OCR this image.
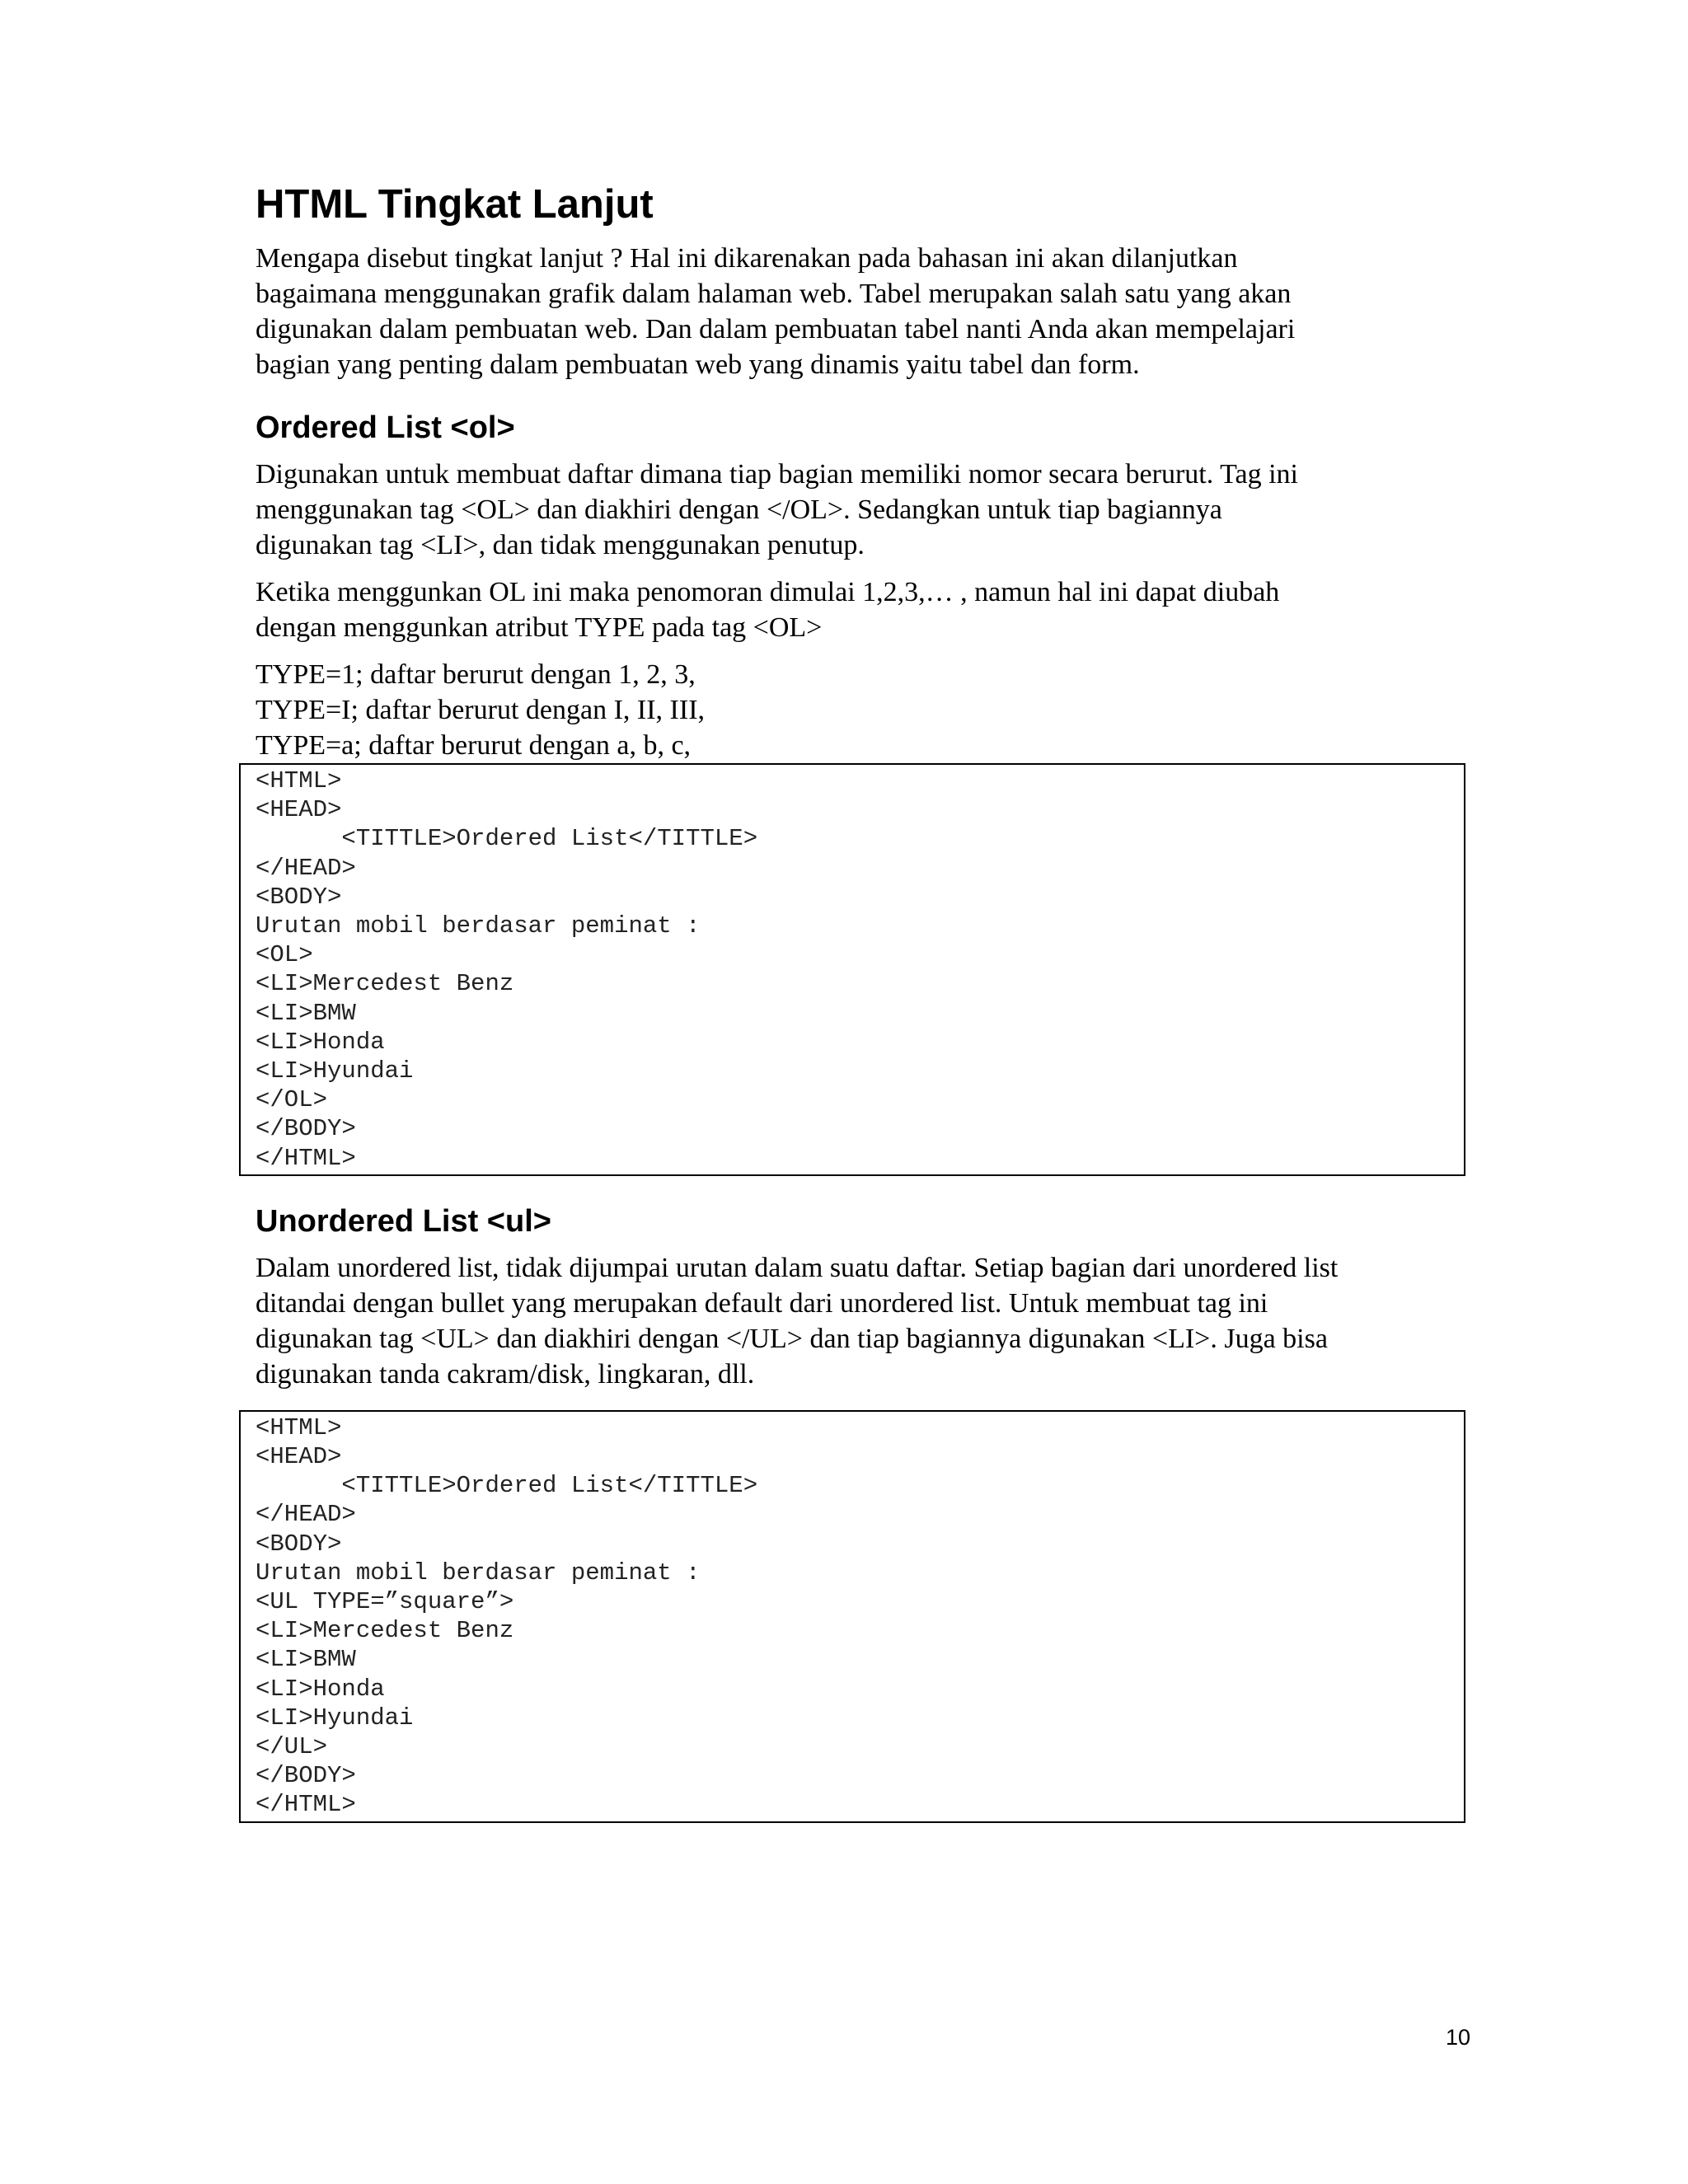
HTML Tingkat Lanjut

Mengapa disebut tingkat lanjut ? Hal ini dikarenakan pada bahasan ini akan dilanjutkan
bagaimana menggunakan grafik dalam halaman web. Tabel merupakan salah satu yang akan
digunakan dalam pembuatan web. Dan dalam pembuatan tabel nanti Anda akan mempelajari
bagian yang penting dalam pembuatan web yang dinamis yaitu tabel dan form.

Ordered List <ol>

Digunakan untuk membuat daftar dimana tiap bagian memiliki nomor secara berurut. Tag ini
menggunakan tag <OL> dan diakhiri dengan </OL>. Sedangkan untuk tiap bagiannya
digunakan tag <LI>, dan tidak menggunakan penutup.

Ketika menggunkan OL ini maka penomoran dimulai 1,2,3,… , namun hal ini dapat diubah
dengan menggunkan atribut TYPE pada tag <OL>

TYPE=1; daftar berurut dengan 1, 2, 3,

TYPE=I; daftar berurut dengan I, II, III,

TYPE=a; daftar berurut dengan a, b, c,

<HTML>
<HEAD>
<TITTLE>Ordered List</TITTLE>
</HEAD>
<BODY>
Urutan mobil berdasar peminat :
<OL>
<LI>Mercedest Benz
<LI>BMW
<LI>Honda
<LI>Hyundai
</OL>
</BODY>
</HTML>
Unordered List <ul>

Dalam unordered list, tidak dijumpai urutan dalam suatu daftar. Setiap bagian dari unordered list
ditandai dengan bullet yang merupakan default dari unordered list. Untuk membuat tag ini
digunakan tag <UL> dan diakhiri dengan </UL> dan tiap bagiannya digunakan <LI>. Juga bisa
digunakan tanda cakram/disk, lingkaran, dll.

<HTML>
<HEAD>
<TITTLE>Ordered List</TITTLE>
</HEAD>
<BODY>
Urutan mobil berdasar peminat :
<UL TYPE=”square”>
<LI>Mercedest Benz
<LI>BMW
<LI>Honda
<LI>Hyundai
</UL>
</BODY>
</HTML>
10
